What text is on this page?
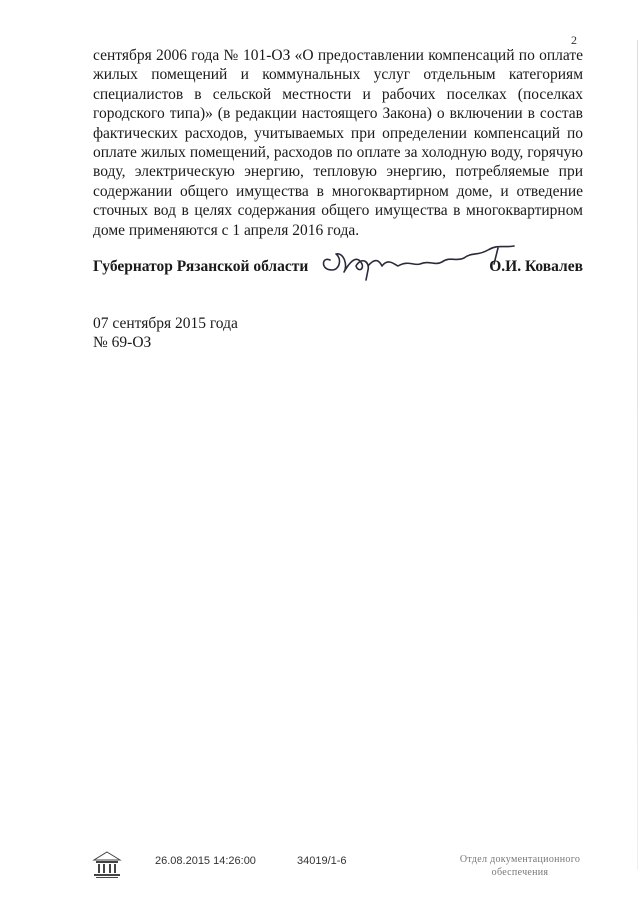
2

сентября 2006 года № 101-ОЗ «О предоставлении компенсаций по оплате жилых помещений и коммунальных услуг отдельным категориям специалистов в сельской местности и рабочих поселках (поселках городского типа)» (в редакции настоящего Закона) о включении в состав фактических расходов, учитываемых при определении компенсаций по оплате жилых помещений, расходов по оплате за холодную воду, горячую воду, электрическую энергию, тепловую энергию, потребляемые при содержании общего имущества в многоквартирном доме, и отведение сточных вод в целях содержания общего имущества в многоквартирном доме применяются с 1 апреля 2016 года.

Губернатор Рязанской области	О.И. Ковалев
07 сентября 2015 года
№ 69-ОЗ
26.08.2015 14:26:00	34019/1-6	Отдел документационного
обеспечения
